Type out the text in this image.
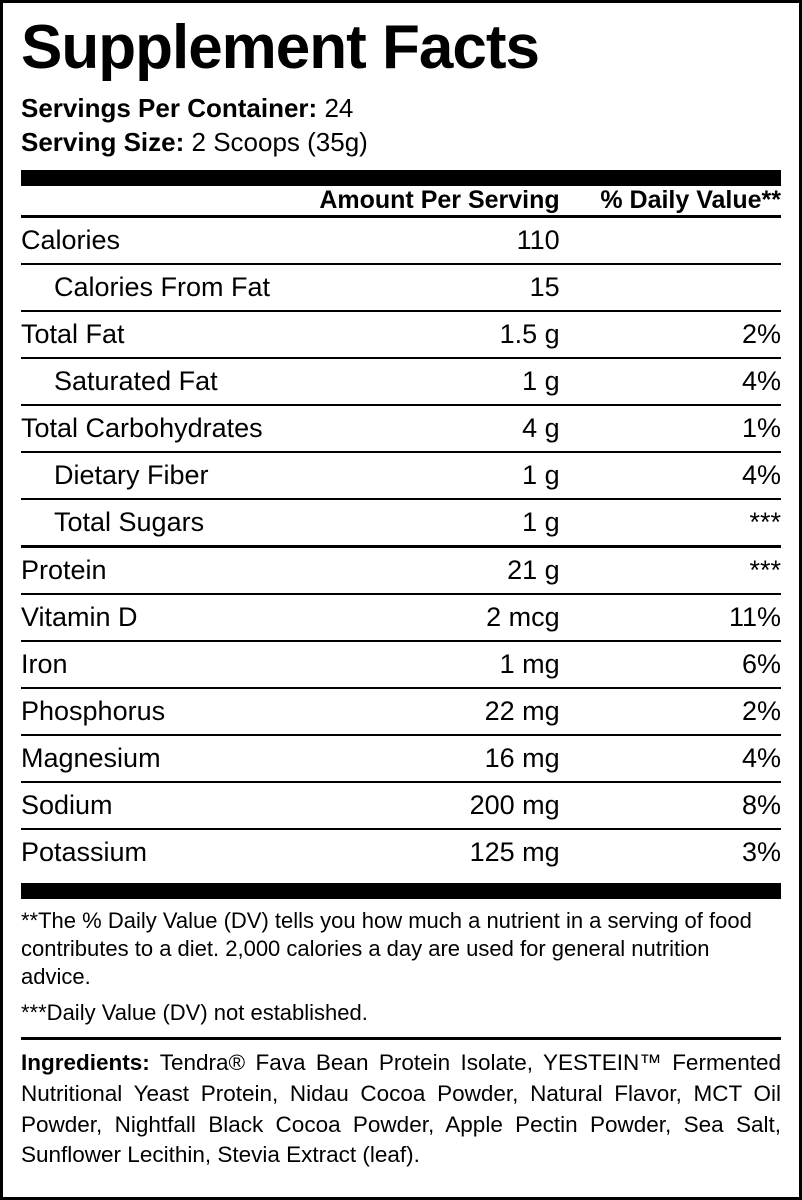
Supplement Facts
Servings Per Container: 24
Serving Size: 2 Scoops (35g)
	Amount Per Serving	% Daily Value**
Calories	110	
Calories From Fat	15	
Total Fat	1.5 g	2%
Saturated Fat	1 g	4%
Total Carbohydrates	4 g	1%
Dietary Fiber	1 g	4%
Total Sugars	1 g	***
Protein	21 g	***
Vitamin D	2 mcg	11%
Iron	1 mg	6%
Phosphorus	22 mg	2%
Magnesium	16 mg	4%
Sodium	200 mg	8%
Potassium	125 mg	3%
**The % Daily Value (DV) tells you how much a nutrient in a serving of food contributes to a diet. 2,000 calories a day are used for general nutrition advice.
***Daily Value (DV) not established.
Ingredients: Tendra® Fava Bean Protein Isolate, YESTEIN™ Fermented Nutritional Yeast Protein, Nidau Cocoa Powder, Natural Flavor, MCT Oil Powder, Nightfall Black Cocoa Powder, Apple Pectin Powder, Sea Salt, Sunflower Lecithin, Stevia Extract (leaf).
